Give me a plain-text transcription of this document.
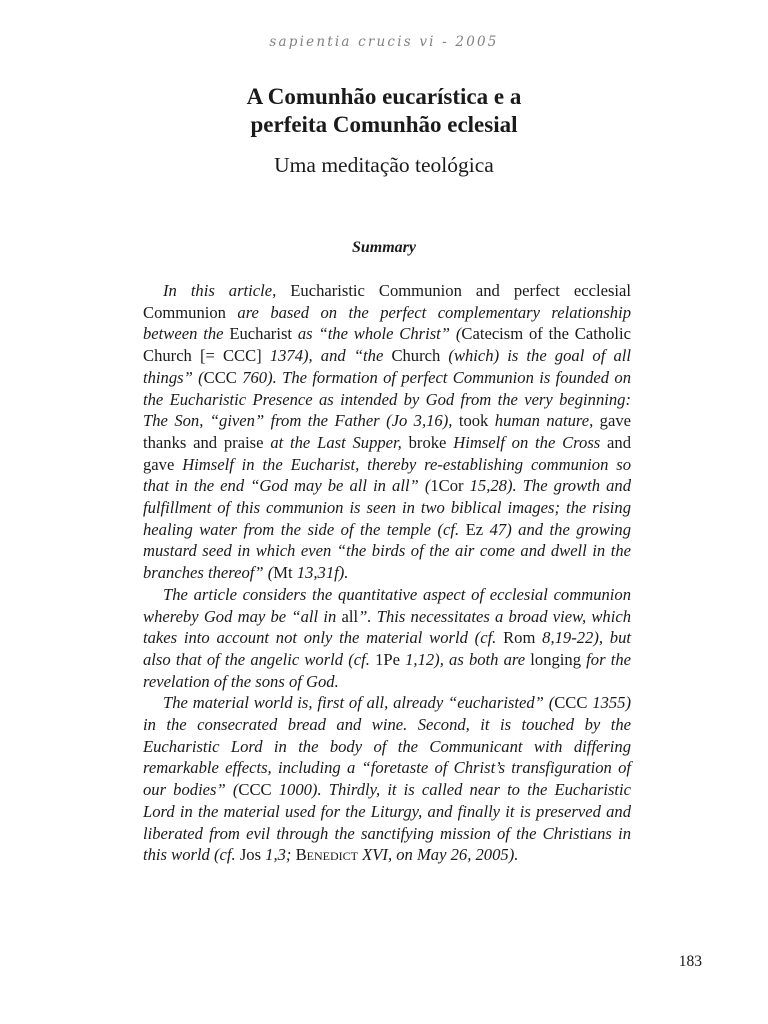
sapientia crucis vi - 2005
A Comunhão eucarística e a
perfeita Comunhão eclesial
Uma meditação teológica
Summary

In this article, Eucharistic Communion and perfect ecclesial Communion are based on the perfect complementary relationship between the Eucharist as “the whole Christ” (Catecism of the Catholic Church [= CCC] 1374), and “the Church (which) is the goal of all things” (CCC 760). The formation of perfect Communion is founded on the Eucharistic Presence as intended by God from the very beginning: The Son, “given” from the Father (Jo 3,16), took human nature, gave thanks and praise at the Last Supper, broke Himself on the Cross and gave Himself in the Eucharist, thereby re-establishing communion so that in the end “God may be all in all” (1Cor 15,28). The growth and fulfillment of this communion is seen in two biblical images; the rising healing water from the side of the temple (cf. Ez 47) and the growing mustard seed in which even “the birds of the air come and dwell in the branches thereof” (Mt 13,31f).

The article considers the quantitative aspect of ecclesial communion whereby God may be “all in all”. This necessitates a broad view, which takes into account not only the material world (cf. Rom 8,19-22), but also that of the angelic world (cf. 1Pe 1,12), as both are longing for the revelation of the sons of God.

The material world is, first of all, already “eucharisted” (CCC 1355) in the consecrated bread and wine. Second, it is touched by the Eucharistic Lord in the body of the Communicant with differing remarkable effects, including a “foretaste of Christ’s transfiguration of our bodies” (CCC 1000). Thirdly, it is called near to the Eucharistic Lord in the material used for the Liturgy, and finally it is preserved and liberated from evil through the sanctifying mission of the Christians in this world (cf. Jos 1,3; Benedict XVI, on May 26, 2005).

183
